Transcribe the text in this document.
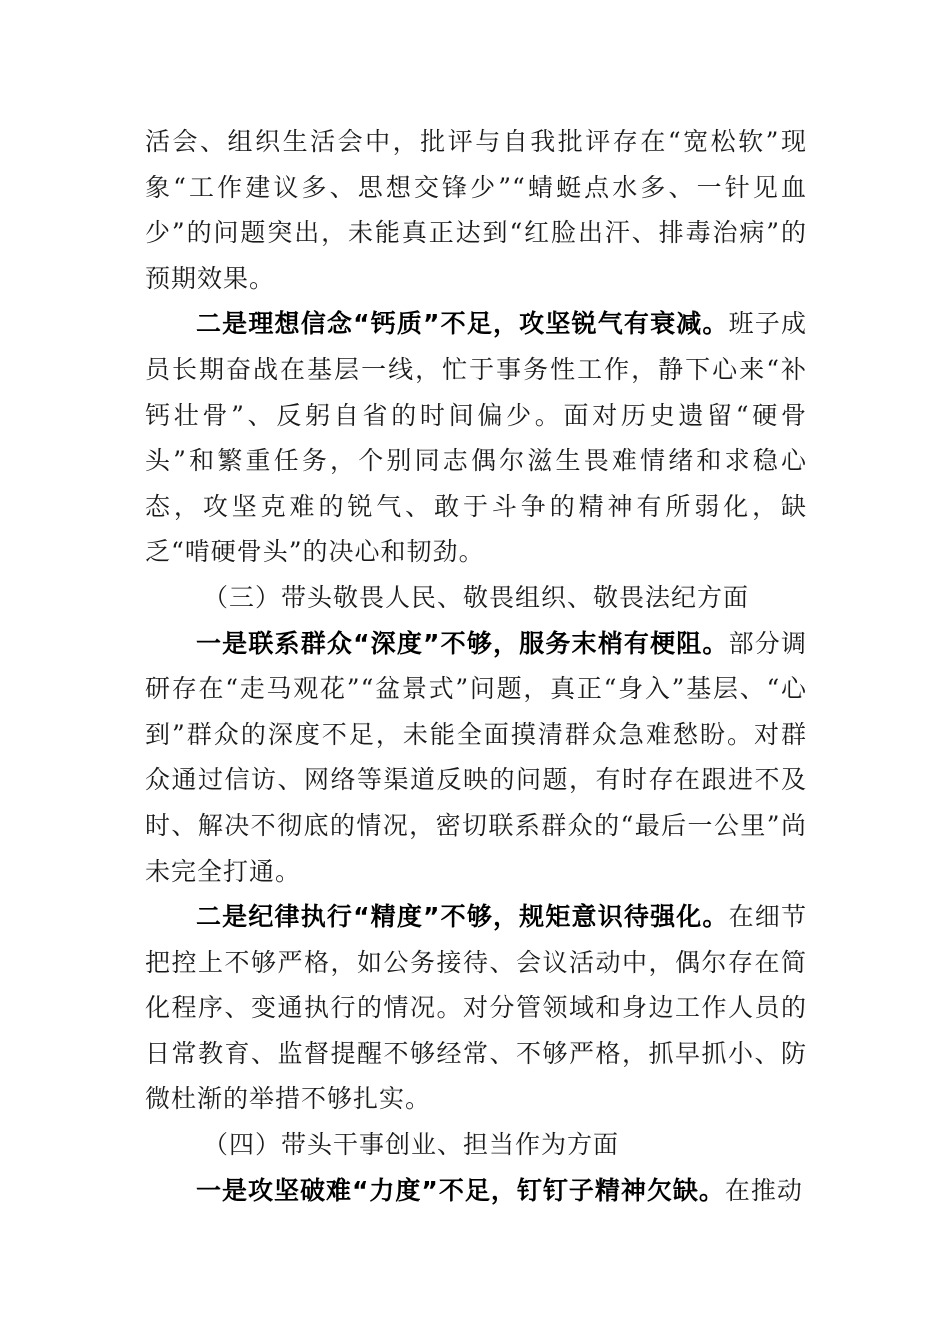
活会、组织生活会中，批评与自我批评存在“宽松软”现象“工作建议多、思想交锋少”“蜻蜓点水多、一针见血少”的问题突出，未能真正达到“红脸出汗、排毒治病”的预期效果。

二是理想信念“钙质”不足，攻坚锐气有衰减。班子成员长期奋战在基层一线，忙于事务性工作，静下心来“补钙壮骨”、反躬自省的时间偏少。面对历史遗留“硬骨头”和繁重任务，个别同志偶尔滋生畏难情绪和求稳心态，攻坚克难的锐气、敢于斗争的精神有所弱化，缺乏“啃硬骨头”的决心和韧劲。

（三）带头敬畏人民、敬畏组织、敬畏法纪方面

一是联系群众“深度”不够，服务末梢有梗阻。部分调研存在“走马观花”“盆景式”问题，真正“身入”基层、“心到”群众的深度不足，未能全面摸清群众急难愁盼。对群众通过信访、网络等渠道反映的问题，有时存在跟进不及时、解决不彻底的情况，密切联系群众的“最后一公里”尚未完全打通。

二是纪律执行“精度”不够，规矩意识待强化。在细节把控上不够严格，如公务接待、会议活动中，偶尔存在简化程序、变通执行的情况。对分管领域和身边工作人员的日常教育、监督提醒不够经常、不够严格，抓早抓小、防微杜渐的举措不够扎实。

（四）带头干事创业、担当作为方面

一是攻坚破难“力度”不足，钉钉子精神欠缺。在推动
